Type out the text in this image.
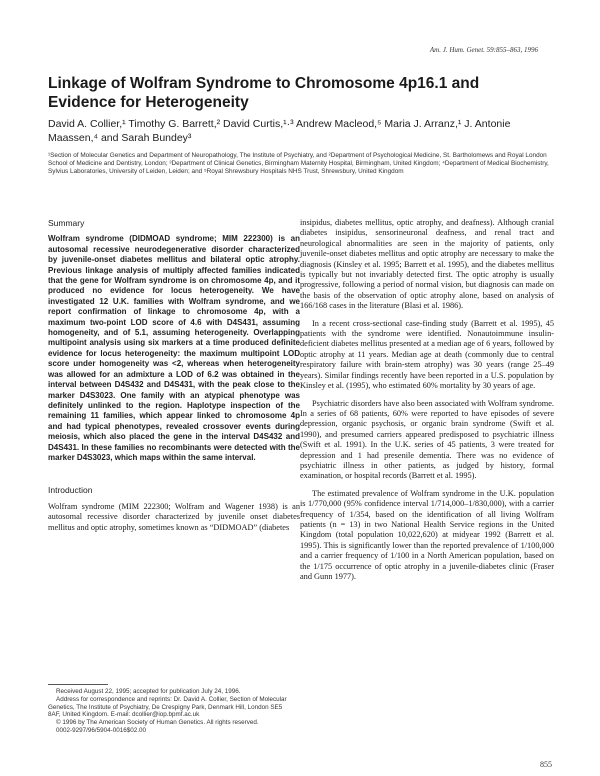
Am. J. Hum. Genet. 59:855–863, 1996
Linkage of Wolfram Syndrome to Chromosome 4p16.1 and Evidence for Heterogeneity

David A. Collier,¹ Timothy G. Barrett,² David Curtis,¹·³ Andrew Macleod,⁵ Maria J. Arranz,¹ J. Antonie Maassen,⁴ and Sarah Bundey³

¹Section of Molecular Genetics and Department of Neuropathology, The Institute of Psychiatry, and ²Department of Psychological Medicine, St. Bartholomews and Royal London School of Medicine and Dentistry, London; ³Department of Clinical Genetics, Birmingham Maternity Hospital, Birmingham, United Kingdom; ⁴Department of Medical Biochemistry, Sylvius Laboratories, University of Leiden, Leiden; and ⁵Royal Shrewsbury Hospitals NHS Trust, Shrewsbury, United Kingdom

Summary

Wolfram syndrome (DIDMOAD syndrome; MIM 222300) is an autosomal recessive neurodegenerative disorder characterized by juvenile-onset diabetes mellitus and bilateral optic atrophy. Previous linkage analysis of multiply affected families indicated that the gene for Wolfram syndrome is on chromosome 4p, and it produced no evidence for locus heterogeneity. We have investigated 12 U.K. families with Wolfram syndrome, and we report confirmation of linkage to chromosome 4p, with a maximum two-point LOD score of 4.6 with D4S431, assuming homogeneity, and of 5.1, assuming heterogeneity. Overlapping multipoint analysis using six markers at a time produced definite evidence for locus heterogeneity: the maximum multipoint LOD score under homogeneity was <2, whereas when heterogeneity was allowed for an admixture a LOD of 6.2 was obtained in the interval between D4S432 and D4S431, with the peak close to the marker D4S3023. One family with an atypical phenotype was definitely unlinked to the region. Haplotype inspection of the remaining 11 families, which appear linked to chromosome 4p and had typical phenotypes, revealed crossover events during meiosis, which also placed the gene in the interval D4S432 and D4S431. In these families no recombinants were detected with the marker D4S3023, which maps within the same interval.

Introduction

Wolfram syndrome (MIM 222300; Wolfram and Wagener 1938) is an autosomal recessive disorder characterized by juvenile onset diabetes mellitus and optic atrophy, sometimes known as “DIDMOAD” (diabetes

insipidus, diabetes mellitus, optic atrophy, and deafness). Although cranial diabetes insipidus, sensorineuronal deafness, and renal tract and neurological abnormalities are seen in the majority of patients, only juvenile-onset diabetes mellitus and optic atrophy are necessary to make the diagnosis (Kinsley et al. 1995; Barrett et al. 1995), and the diabetes mellitus is typically but not invariably detected first. The optic atrophy is usually progressive, following a period of normal vision, but diagnosis can made on the basis of the observation of optic atrophy alone, based on analysis of 166/168 cases in the literature (Blasi et al. 1986).

In a recent cross-sectional case-finding study (Barrett et al. 1995), 45 patients with the syndrome were identified. Nonautoimmune insulin-deficient diabetes mellitus presented at a median age of 6 years, followed by optic atrophy at 11 years. Median age at death (commonly due to central respiratory failure with brain-stem atrophy) was 30 years (range 25–49 years). Similar findings recently have been reported in a U.S. population by Kinsley et al. (1995), who estimated 60% mortality by 30 years of age.

Psychiatric disorders have also been associated with Wolfram syndrome. In a series of 68 patients, 60% were reported to have episodes of severe depression, organic psychosis, or organic brain syndrome (Swift et al. 1990), and presumed carriers appeared predisposed to psychiatric illness (Swift et al. 1991). In the U.K. series of 45 patients, 3 were treated for depression and 1 had presenile dementia. There was no evidence of psychiatric illness in other patients, as judged by history, formal examination, or hospital records (Barrett et al. 1995).

The estimated prevalence of Wolfram syndrome in the U.K. population is 1/770,000 (95% confidence interval 1/714,000–1/830,000), with a carrier frequency of 1/354, based on the identification of all living Wolfram patients (n = 13) in two National Health Service regions in the United Kingdom (total population 10,022,620) at midyear 1992 (Barrett et al. 1995). This is significantly lower than the reported prevalence of 1/100,000 and a carrier frequency of 1/100 in a North American population, based on the 1/175 occurrence of optic atrophy in a juvenile-diabetes clinic (Fraser and Gunn 1977).

Received August 22, 1995; accepted for publication July 24, 1996.

Address for correspondence and reprints: Dr. David A. Collier, Section of Molecular Genetics, The Institute of Psychiatry, De Crespigny Park, Denmark Hill, London SE5 8AF, United Kingdom. E-mail: dcollier@iop.bpmf.ac.uk

© 1996 by The American Society of Human Genetics. All rights reserved.

0002-9297/96/5904-0016$02.00

855
